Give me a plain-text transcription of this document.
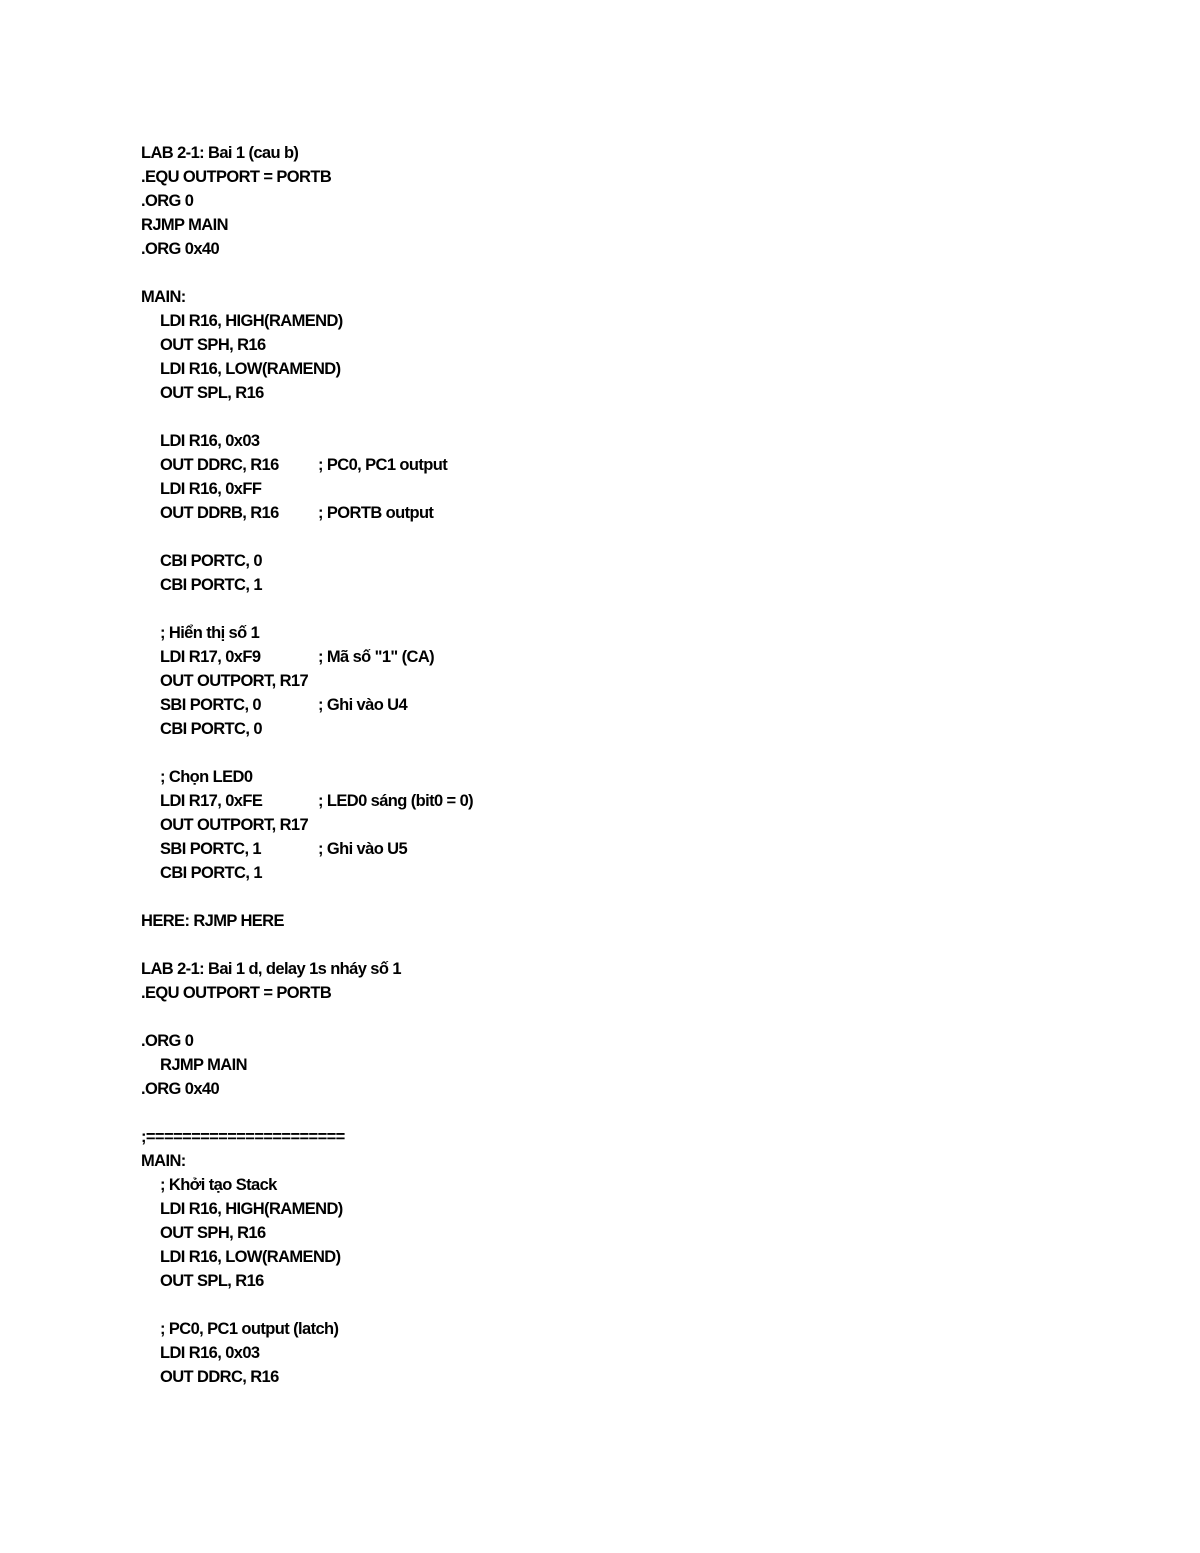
LAB 2-1: Bai 1 (cau b)
.EQU OUTPORT = PORTB
.ORG 0
RJMP MAIN
.ORG 0x40
MAIN:
LDI R16, HIGH(RAMEND)
OUT SPH, R16
LDI R16, LOW(RAMEND)
OUT SPL, R16
LDI R16, 0x03
OUT DDRC, R16 ; PC0, PC1 output
LDI R16, 0xFF
OUT DDRB, R16 ; PORTB output
CBI PORTC, 0
CBI PORTC, 1
; Hiển thị số 1
LDI R17, 0xF9	; Mã số "1" (CA)
OUT OUTPORT, R17
SBI PORTC, 0	; Ghi vào U4
CBI PORTC, 0
; Chọn LED0
LDI R17, 0xFE	; LED0 sáng (bit0 = 0)
OUT OUTPORT, R17
SBI PORTC, 1	; Ghi vào U5
CBI PORTC, 1
HERE: RJMP HERE
LAB 2-1: Bai 1 d, delay 1s nháy số 1
.EQU OUTPORT = PORTB
.ORG 0
RJMP MAIN
.ORG 0x40
;======================
MAIN:
; Khởi tạo Stack
LDI R16, HIGH(RAMEND)
OUT SPH, R16
LDI R16, LOW(RAMEND)
OUT SPL, R16
; PC0, PC1 output (latch)
LDI R16, 0x03
OUT DDRC, R16
